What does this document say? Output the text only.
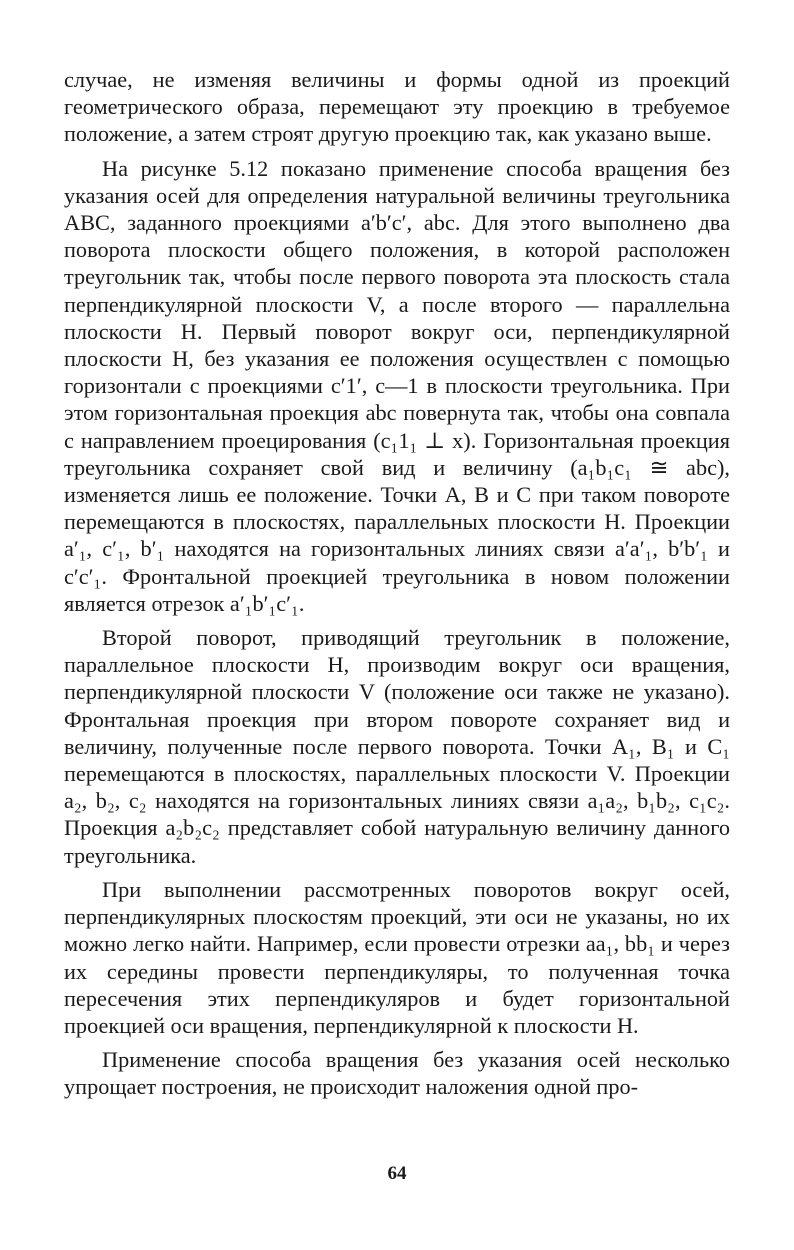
случае, не изменяя величины и формы одной из проекций геометрического образа, перемещают эту проекцию в требуемое положение, а затем строят другую проекцию так, как указано выше.

На рисунке 5.12 показано применение способа вращения без указания осей для определения натуральной величины треугольника ABC, заданного проекциями a′b′c′, abc. Для этого выполнено два поворота плоскости общего положения, в которой расположен треугольник так, чтобы после первого поворота эта плоскость стала перпендикулярной плоскости V, а после второго — параллельна плоскости H. Первый поворот вокруг оси, перпендикулярной плоскости H, без указания ее положения осуществлен с помощью горизонтали с проекциями c′1′, c—1 в плоскости треугольника. При этом горизонтальная проекция abc повернута так, чтобы она совпала с направлением проецирования (c₁1₁ ⊥ x). Горизонтальная проекция треугольника сохраняет свой вид и величину (a₁b₁c₁ ≅ abc), изменяется лишь ее положение. Точки A, B и C при таком повороте перемещаются в плоскостях, параллельных плоскости H. Проекции a′₁, c′₁, b′₁ находятся на горизонтальных линиях связи a′a′₁, b′b′₁ и c′c′₁. Фронтальной проекцией треугольника в новом положении является отрезок a′₁b′₁c′₁.

Второй поворот, приводящий треугольник в положение, параллельное плоскости H, производим вокруг оси вращения, перпендикулярной плоскости V (положение оси также не указано). Фронтальная проекция при втором повороте сохраняет вид и величину, полученные после первого поворота. Точки A₁, B₁ и C₁ перемещаются в плоскостях, параллельных плоскости V. Проекции a₂, b₂, c₂ находятся на горизонтальных линиях связи a₁a₂, b₁b₂, c₁c₂. Проекция a₂b₂c₂ представляет собой натуральную величину данного треугольника.

При выполнении рассмотренных поворотов вокруг осей, перпендикулярных плоскостям проекций, эти оси не указаны, но их можно легко найти. Например, если провести отрезки aa₁, bb₁ и через их середины провести перпендикуляры, то полученная точка пересечения этих перпендикуляров и будет горизонтальной проекцией оси вращения, перпендикулярной к плоскости H.

Применение способа вращения без указания осей несколько упрощает построения, не происходит наложения одной про-

64
